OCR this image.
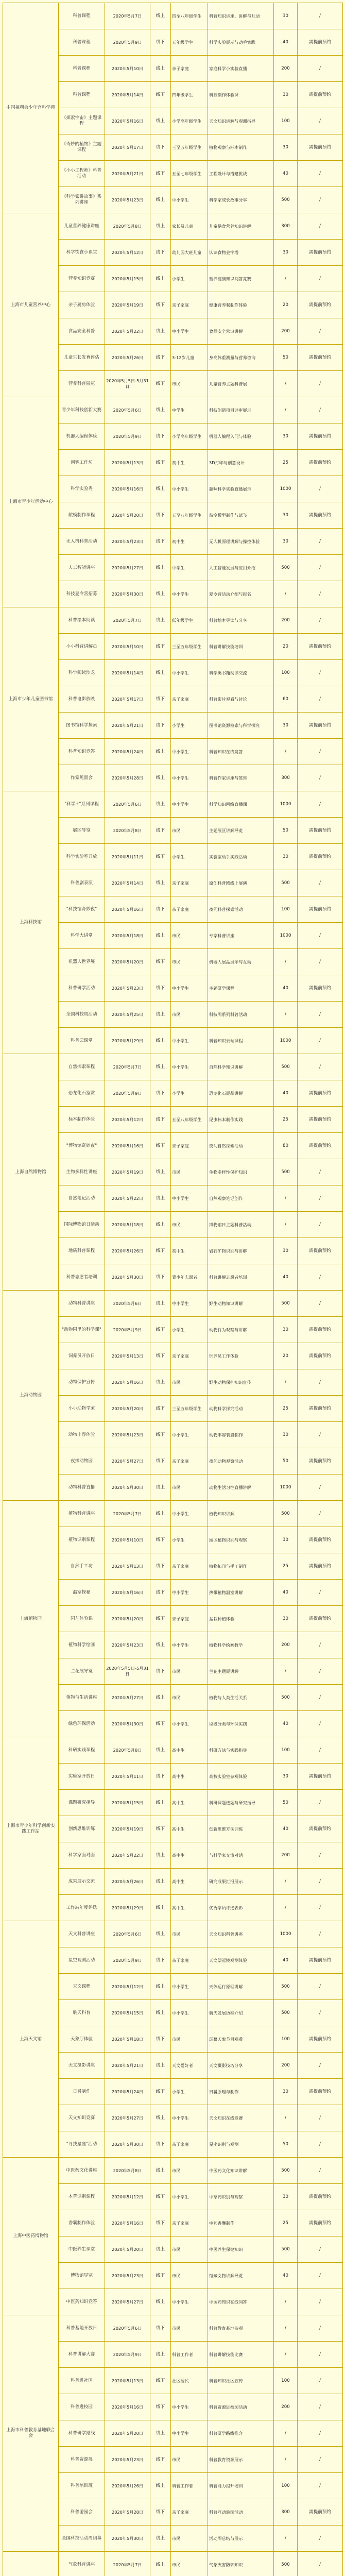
中国福利会少年宫科学苑	科普课程	2020年5月7日	线上	四至八年级学生	科普知识讲座、讲解与互动	30	/
	科普课程	2020年5月9日	线下	五年级学生	科学实验展示与动手实践	40	需提前预约
	科普课程	2020年5月10日	线上	亲子家庭	家庭科学小实验直播	200	/
	科普课程	2020年5月14日	线下	四年级学生	科技制作体验课	30	需提前预约
	《探索宇宙》主题课程	2020年5月16日	线上	小学高年级学生	天文知识讲解与观测指导	100	/
	《奇妙的植物》主题课程	2020年5月17日	线下	三至五年级学生	植物观察与标本制作	30	需提前预约
	《小小工程师》科普活动	2020年5月21日	线下	五至七年级学生	工程设计与搭建挑战	40	/
	《科学家讲故事》系列讲座	2020年5月23日	线上	中小学生	科学家成长故事分享	500	/
上海市儿童营养中心	儿童营养健康讲座	2020年5月8日	线上	家长及儿童	儿童膳食营养知识讲解	300	/
	科学饮食小课堂	2020年5月12日	线下	幼儿园大班儿童	认识食物金字塔	30	需提前预约
	营养知识竞赛	2020年5月15日	线上	小学生	营养健康知识问答竞赛	/	/
	亲子厨房体验	2020年5月19日	线下	亲子家庭	健康营养餐制作体验	20	需提前预约
	食品安全科普	2020年5月22日	线上	中小学生	食品安全常识讲解	200	/
	儿童生长发育评估	2020年5月26日	线下	3-12岁儿童	身高体重测量与营养咨询	50	需提前预约
	营养科普展览	2020年5月5日-5月31日	线下	市民	儿童营养主题科普展	/	/
上海市青少年活动中心	青少年科技创新大赛	2020年5月6日	线上	中学生	科技创新项目评审展示	/	/
	机器人编程体验	2020年5月9日	线下	小学高年级学生	机器人编程入门与体验	30	需提前预约
	创客工作坊	2020年5月13日	线下	初中生	3D打印与创意设计	25	需提前预约
	科学实验秀	2020年5月16日	线上	中小学生	趣味科学实验直播展示	1000	/
	航模制作课程	2020年5月20日	线下	五至八年级学生	航空模型制作与试飞	30	需提前预约
	无人机科普活动	2020年5月23日	线下	初中生	无人机原理讲解与操控体验	30	/
	人工智能讲座	2020年5月27日	线上	中学生	人工智能发展与应用介绍	500	/
	科技夏令营招募	2020年5月30日	线上	中小学生	夏令营活动介绍与报名	/	/
上海市少年儿童图书馆	科普绘本阅读	2020年5月7日	线上	低年级学生	科普绘本导读与分享	200	/
	小小科普讲解员	2020年5月10日	线下	三至五年级学生	科普讲解技能培训	20	需提前预约
	科学阅读沙龙	2020年5月14日	线上	中小学生	科学类书籍阅读交流	100	/
	科普电影放映	2020年5月17日	线下	亲子家庭	科普影片观看与讨论	60	/
	图书馆科学探索	2020年5月21日	线下	小学生	图书馆资源检索与科学探究	30	需提前预约
	科普知识竞答	2020年5月24日	线上	中小学生	科普知识在线竞答	/	/
	作家见面会	2020年5月28日	线上	中小学生	科普作家讲座与签售	300	/
上海科技馆	"科学+"系列课程	2020年5月6日	线上	中小学生	科学知识网络直播课	1000	/
	展区导览	2020年5月8日	线下	市民	主题展区讲解导览	50	需提前预约
	科学实验室开放	2020年5月11日	线下	小学生	实验室动手实践活动	30	需提前预约
	科普剧表演	2020年5月14日	线上	亲子家庭	原创科普剧线上展演	500	/
	"科技馆奇妙夜"	2020年5月16日	线下	亲子家庭	夜间科普探索活动	100	需提前预约
	科学大讲堂	2020年5月18日	线上	市民	专家科普讲座	1000	/
	机器人世界展	2020年5月20日	线下	市民	机器人展品展示与互动	/	/
	科普研学活动	2020年5月23日	线下	中小学生	主题研学课程	40	需提前预约
	全国科技周活动	2020年5月25日	线上	市民	科技周系列科普活动	/	/
	科普云课堂	2020年5月29日	线上	中小学生	科普知识云端课程	1000	/
上海自然博物馆	自然探索课程	2020年5月7日	线上	中小学生	自然科学知识讲解	500	/
	恐龙化石鉴赏	2020年5月9日	线下	小学生	恐龙化石展品讲解	40	需提前预约
	标本制作体验	2020年5月12日	线下	五至八年级学生	昆虫标本制作实践	25	需提前预约
	"博物馆奇妙夜"	2020年5月16日	线下	亲子家庭	夜间自然探索活动	80	需提前预约
	生物多样性讲座	2020年5月19日	线上	市民	生物多样性保护知识	500	/
	自然笔记活动	2020年5月22日	线上	中小学生	自然观察笔记创作	/	/
	国际博物馆日活动	2020年5月18日	线上	市民	博物馆日主题科普活动	/	/
	地质科普课程	2020年5月26日	线下	初中生	岩石矿物识别与讲解	30	需提前预约
	科普志愿者培训	2020年5月30日	线下	青少年志愿者	科普讲解志愿者培训	40	/
上海动物园	动物科普讲座	2020年5月6日	线上	中小学生	野生动物知识讲解	500	/
	"动物园里的科学课"	2020年5月9日	线下	小学生	动物行为观察与讲解	30	需提前预约
	饲养员开放日	2020年5月13日	线下	亲子家庭	饲养员工作体验	20	需提前预约
	动物保护宣传	2020年5月16日	线上	市民	野生动物保护知识宣传	/	/
	小小动物学家	2020年5月20日	线下	三至五年级学生	动物科学探究活动	25	需提前预约
	动物丰容体验	2020年5月23日	线下	中小学生	动物丰容装置制作	30	/
	夜探动物园	2020年5月27日	线下	亲子家庭	夜间动物观察活动	50	需提前预约
	动物科普直播	2020年5月30日	线上	市民	动物生活习性直播讲解	1000	/
上海植物园	植物科普讲座	2020年5月7日	线上	中小学生	植物知识讲解	500	/
	植物识别课程	2020年5月10日	线下	小学生	园区植物识别与观察	30	需提前预约
	自然手工坊	2020年5月13日	线下	亲子家庭	植物拓印与手工制作	25	需提前预约
	温室探秘	2020年5月16日	线下	中小学生	热带植物温室讲解	40	/
	园艺体验课	2020年5月20日	线下	亲子家庭	盆栽种植体验	30	需提前预约
	植物科学绘画	2020年5月23日	线上	中小学生	植物科学绘画教学	200	/
	兰花展导览	2020年5月5日-5月31日	线下	市民	兰花主题展讲解	/	/
	植物与生活讲座	2020年5月27日	线上	市民	植物与人类生活关系	500	/
	绿色环保活动	2020年5月30日	线下	中小学生	垃圾分类与环保实践	40	/
上海市青少年科学创新实践工作站	科研实践课程	2020年5月8日	线上	高中生	科研方法与实践指导	100	/
	实验室开放日	2020年5月11日	线下	高中生	高校实验室参观体验	30	需提前预约
	课题研究指导	2020年5月15日	线上	高中生	科研课题选题与研究指导	50	/
	创新思维训练	2020年5月19日	线下	高中生	创新思维方法训练	40	需提前预约
	科学家面对面	2020年5月22日	线上	高中生	与科学家交流对话	200	/
	成果展示交流	2020年5月26日	线上	高中生	研究成果汇报展示	/	/
	工作站年度评选	2020年5月29日	线上	高中生	优秀学员评选表彰	/	/
上海天文馆	天文科普讲座	2020年5月6日	线上	市民	天文知识科普讲座	1000	/
	星空观测活动	2020年5月9日	线下	亲子家庭	天文望远镜观测体验	40	需提前预约
	天文课程	2020年5月12日	线上	中小学生	天体运行原理讲解	500	/
	航天科普	2020年5月15日	线上	中小学生	航天发展历程介绍	500	/
	天象厅体验	2020年5月18日	线下	市民	球幕天象节目观看	100	需提前预约
	天文摄影讲座	2020年5月21日	线上	天文爱好者	天文摄影技巧分享	200	/
	日晷制作	2020年5月24日	线下	小学生	日晷原理与制作	30	需提前预约
	天文知识竞赛	2020年5月27日	线上	中小学生	天文知识在线竞赛	/	/
	"寻找星座"活动	2020年5月30日	线下	亲子家庭	星座识别与观测	50	/
上海中医药博物馆	中医药文化讲座	2020年5月8日	线上	市民	中医药文化知识讲解	500	/
	本草识别课程	2020年5月12日	线下	中小学生	中草药识别与观察	30	需提前预约
	香囊制作体验	2020年5月16日	线下	亲子家庭	中药香囊制作	25	需提前预约
	中医养生课堂	2020年5月20日	线上	市民	中医养生保健知识	500	/
	博物馆导览	2020年5月23日	线下	市民	馆藏文物讲解导览	40	/
	中医药知识竞答	2020年5月27日	线上	中小学生	中医药知识在线问答	/	/
上海市科普教育基地联合会	科普基地开放日	2020年5月6日	线下	市民	科普教育基地参观	/	/
	科普讲解大赛	2020年5月9日	线上	科普工作者	科普讲解技能比赛	/	/
	科普进社区	2020年5月13日	线下	社区居民	科普知识社区宣传	100	/
	科普进校园	2020年5月16日	线下	中小学生	科普资源进校园活动	200	/
	科普研学路线	2020年5月20日	线上	中小学生	科普研学路线推介	/	/
	科普资源展	2020年5月23日	线下	市民	科普教育资源展示	/	/
	科普培训班	2020年5月26日	线上	科普工作者	科普能力提升培训	100	/
	科普游园会	2020年5月28日	线下	亲子家庭	科普互动游园活动	300	需提前预约
	全国科技活动周闭幕	2020年5月30日	线上	市民	活动周总结与展示	/	/
	气象科普讲座	2020年5月7日	线上	市民	气象灾害防御知识	500	/
